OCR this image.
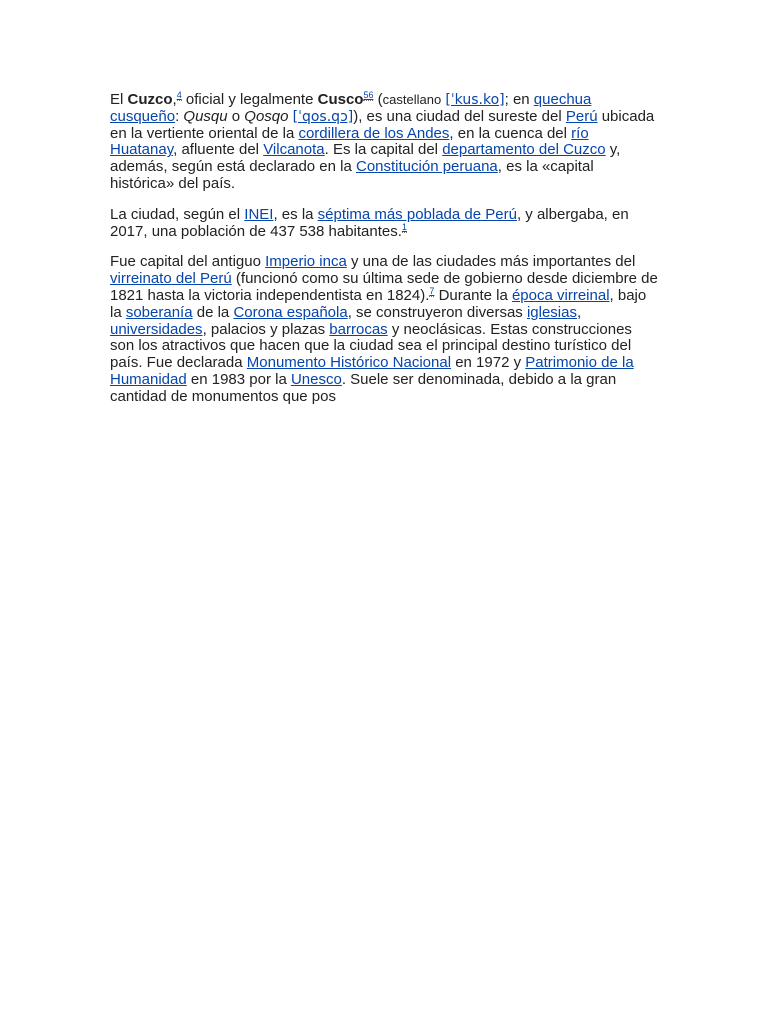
El Cuzco,$^4$ oficial y legalmente Cusco$^{56}$ (castellano [ˈkus.ko]; en quechua cusqueño: Qusqu o Qosqo [ˈqos.qɔ]), es una ciudad del sureste del Perú ubicada en la vertiente oriental de la cordillera de los Andes, en la cuenca del río Huatanay, afluente del Vilcanota. Es la capital del departamento del Cuzco y, además, según está declarado en la Constitución peruana, es la «capital histórica» del país.

La ciudad, según el INEI, es la séptima más poblada de Perú, y albergaba, en 2017, una población de 437 538 habitantes.$^1$

Fue capital del antiguo Imperio inca y una de las ciudades más importantes del virreinato del Perú (funcionó como su última sede de gobierno desde diciembre de 1821 hasta la victoria independentista en 1824).$^7$ Durante la época virreinal, bajo la soberanía de la Corona española, se construyeron diversas iglesias, universidades, palacios y plazas barrocas y neoclásicas. Estas construcciones son los atractivos que hacen que la ciudad sea el principal destino turístico del país. Fue declarada Monumento Histórico Nacional en 1972 y Patrimonio de la Humanidad en 1983 por la Unesco. Suele ser denominada, debido a la gran cantidad de monumentos que pos
